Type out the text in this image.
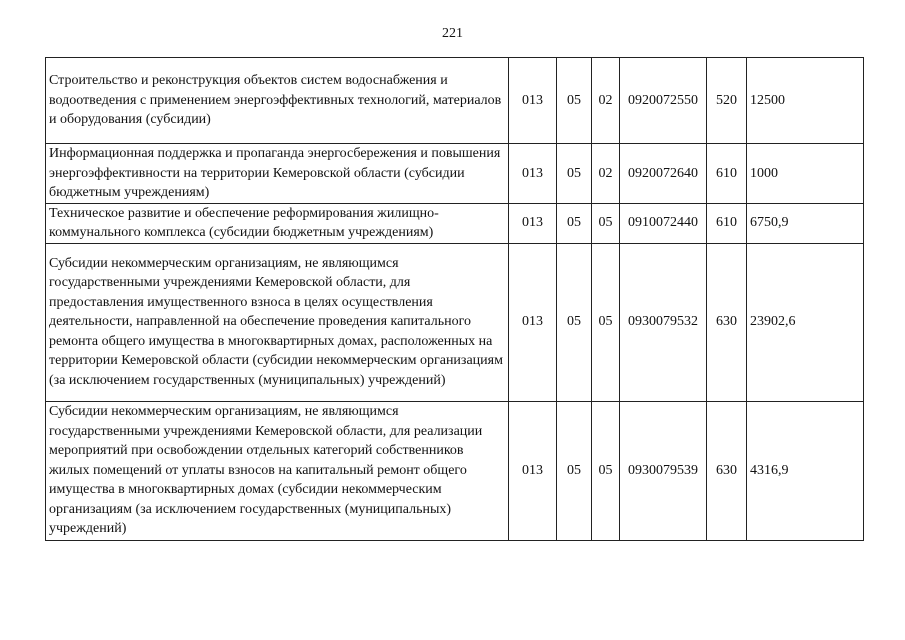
221
Строительство и реконструкция объектов систем водоснабжения и водоотведения с применением энергоэффективных технологий, материалов и оборудования (субсидии)	013	05	02	0920072550	520	12500
Информационная поддержка и пропаганда энергосбережения и повышения энергоэффективности на территории Кемеровской области (субсидии бюджетным учреждениям)	013	05	02	0920072640	610	1000
Техническое развитие и обеспечение реформирования жилищно-коммунального комплекса (субсидии бюджетным учреждениям)	013	05	05	0910072440	610	6750,9
Субсидии некоммерческим организациям, не являющимся государственными учреждениями Кемеровской области, для предоставления имущественного взноса в целях осуществления деятельности, направленной на обеспечение проведения капитального ремонта общего имущества в многоквартирных домах, расположенных на территории Кемеровской области (субсидии некоммерческим организациям (за исключением государственных (муниципальных) учреждений)	013	05	05	0930079532	630	23902,6
Субсидии некоммерческим организациям, не являющимся государственными учреждениями Кемеровской области, для реализации мероприятий при освобождении отдельных категорий собственников жилых помещений от уплаты взносов на капитальный ремонт общего имущества в многоквартирных домах (субсидии некоммерческим организациям (за исключением государственных (муниципальных) учреждений)	013	05	05	0930079539	630	4316,9
